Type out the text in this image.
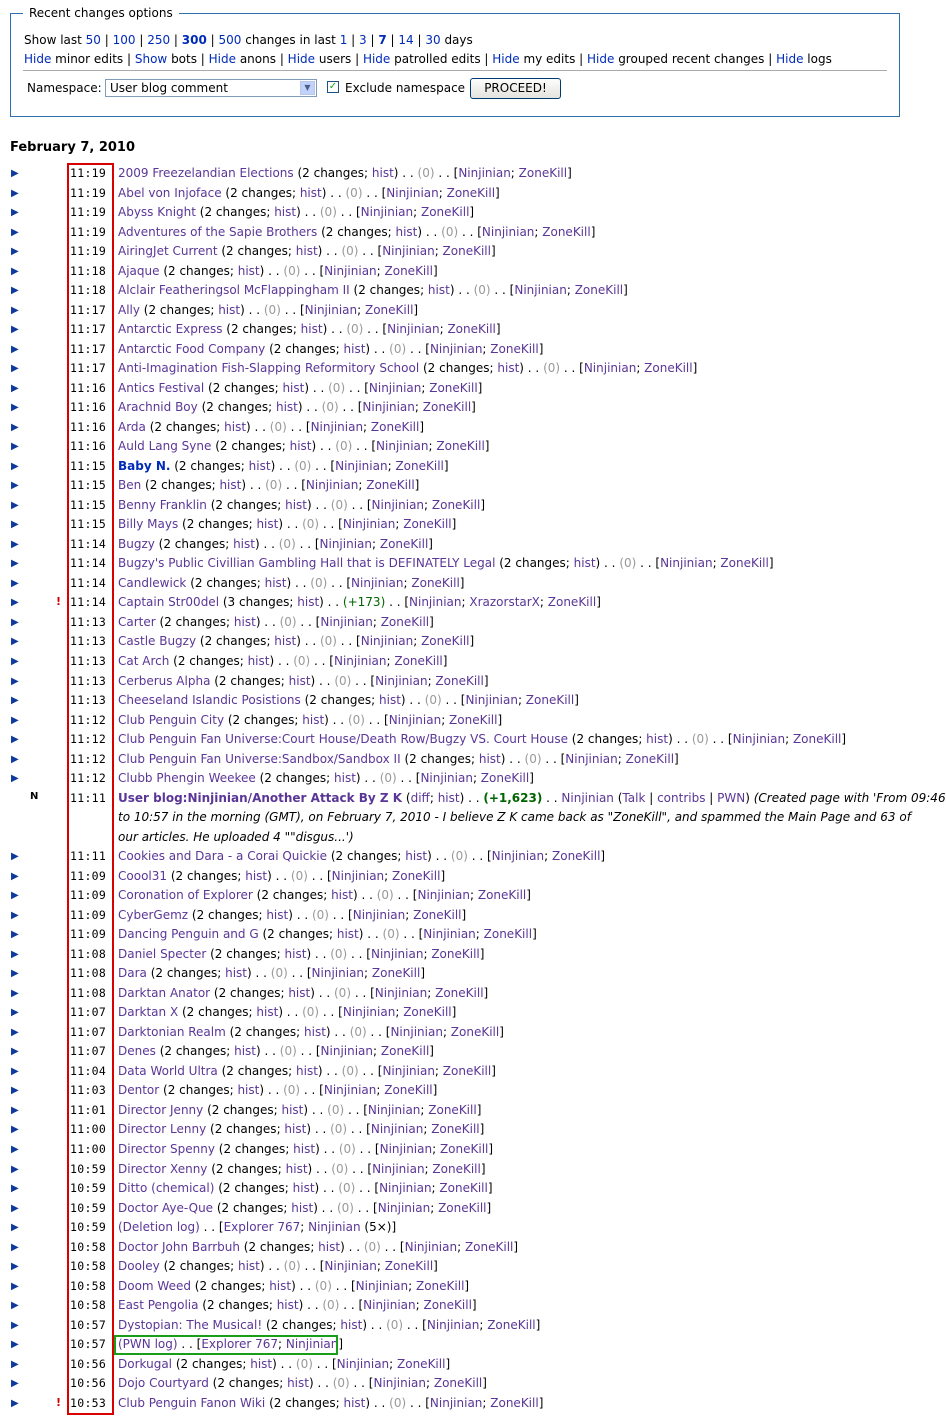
Recent changes options
Show last 50 | 100 | 250 | 300 | 500 changes in last 1 | 3 | 7 | 14 | 30 days
Hide minor edits | Show bots | Hide anons | Hide users | Hide patrolled edits | Hide my edits | Hide grouped recent changes | Hide logs
Namespace: User blog comment	▼	✓ Exclude namespace	PROCEED!
February 7, 2010
▶	11:19 2009 Freezelandian Elections (2 changes; hist) . . (0) . . [Ninjinian; ZoneKill]
▶	11:19 Abel von Injoface (2 changes; hist) . . (0) . . [Ninjinian; ZoneKill]
▶	11:19 Abyss Knight (2 changes; hist) . . (0) . . [Ninjinian; ZoneKill]
▶	11:19 Adventures of the Sapie Brothers (2 changes; hist) . . (0) . . [Ninjinian; ZoneKill]
▶	11:19 AiringJet Current (2 changes; hist) . . (0) . . [Ninjinian; ZoneKill]
▶	11:18 Ajaque (2 changes; hist) . . (0) . . [Ninjinian; ZoneKill]
▶	11:18 Alclair Featheringsol McFlappingham II (2 changes; hist) . . (0) . . [Ninjinian; ZoneKill]
▶	11:17 Ally (2 changes; hist) . . (0) . . [Ninjinian; ZoneKill]
▶	11:17 Antarctic Express (2 changes; hist) . . (0) . . [Ninjinian; ZoneKill]
▶	11:17 Antarctic Food Company (2 changes; hist) . . (0) . . [Ninjinian; ZoneKill]
▶	11:17 Anti-Imagination Fish-Slapping Reformitory School (2 changes; hist) . . (0) . . [Ninjinian; ZoneKill]
▶	11:16 Antics Festival (2 changes; hist) . . (0) . . [Ninjinian; ZoneKill]
▶	11:16 Arachnid Boy (2 changes; hist) . . (0) . . [Ninjinian; ZoneKill]
▶	11:16 Arda (2 changes; hist) . . (0) . . [Ninjinian; ZoneKill]
▶	11:16 Auld Lang Syne (2 changes; hist) . . (0) . . [Ninjinian; ZoneKill]
▶	11:15 Baby N. (2 changes; hist) . . (0) . . [Ninjinian; ZoneKill]
▶	11:15 Ben (2 changes; hist) . . (0) . . [Ninjinian; ZoneKill]
▶	11:15 Benny Franklin (2 changes; hist) . . (0) . . [Ninjinian; ZoneKill]
▶	11:15 Billy Mays (2 changes; hist) . . (0) . . [Ninjinian; ZoneKill]
▶	11:14 Bugzy (2 changes; hist) . . (0) . . [Ninjinian; ZoneKill]
▶	11:14 Bugzy's Public Civillian Gambling Hall that is DEFINATELY Legal (2 changes; hist) . . (0) . . [Ninjinian; ZoneKill]
▶	11:14 Candlewick (2 changes; hist) . . (0) . . [Ninjinian; ZoneKill]
▶	! 11:14 Captain Str00del (3 changes; hist) . . (+173) . . [Ninjinian; XrazorstarX; ZoneKill]
▶	11:13 Carter (2 changes; hist) . . (0) . . [Ninjinian; ZoneKill]
▶	11:13 Castle Bugzy (2 changes; hist) . . (0) . . [Ninjinian; ZoneKill]
▶	11:13 Cat Arch (2 changes; hist) . . (0) . . [Ninjinian; ZoneKill]
▶	11:13 Cerberus Alpha (2 changes; hist) . . (0) . . [Ninjinian; ZoneKill]
▶	11:13 Cheeseland Islandic Posistions (2 changes; hist) . . (0) . . [Ninjinian; ZoneKill]
▶	11:12 Club Penguin City (2 changes; hist) . . (0) . . [Ninjinian; ZoneKill]
▶	11:12 Club Penguin Fan Universe:Court House/Death Row/Bugzy VS. Court House (2 changes; hist) . . (0) . . [Ninjinian; ZoneKill]
▶	11:12 Club Penguin Fan Universe:Sandbox/Sandbox II (2 changes; hist) . . (0) . . [Ninjinian; ZoneKill]
▶	11:12 Clubb Phengin Weekee (2 changes; hist) . . (0) . . [Ninjinian; ZoneKill]
N	11:11 User blog:Ninjinian/Another Attack By Z K (diff; hist) . . (+1,623) . . Ninjinian (Talk | contribs | PWN) (Created page with 'From 09:46
to 10:57 in the morning (GMT), on February 7, 2010 - I believe Z K came back as "ZoneKill", and spammed the Main Page and 63 of
our articles. He uploaded 4 ""disgus...')
▶	11:11 Cookies and Dara - a Corai Quickie (2 changes; hist) . . (0) . . [Ninjinian; ZoneKill]
▶	11:09 Coool31 (2 changes; hist) . . (0) . . [Ninjinian; ZoneKill]
▶	11:09 Coronation of Explorer (2 changes; hist) . . (0) . . [Ninjinian; ZoneKill]
▶	11:09 CyberGemz (2 changes; hist) . . (0) . . [Ninjinian; ZoneKill]
▶	11:09 Dancing Penguin and G (2 changes; hist) . . (0) . . [Ninjinian; ZoneKill]
▶	11:08 Daniel Specter (2 changes; hist) . . (0) . . [Ninjinian; ZoneKill]
▶	11:08 Dara (2 changes; hist) . . (0) . . [Ninjinian; ZoneKill]
▶	11:08 Darktan Anator (2 changes; hist) . . (0) . . [Ninjinian; ZoneKill]
▶	11:07 Darktan X (2 changes; hist) . . (0) . . [Ninjinian; ZoneKill]
▶	11:07 Darktonian Realm (2 changes; hist) . . (0) . . [Ninjinian; ZoneKill]
▶	11:07 Denes (2 changes; hist) . . (0) . . [Ninjinian; ZoneKill]
▶	11:04 Data World Ultra (2 changes; hist) . . (0) . . [Ninjinian; ZoneKill]
▶	11:03 Dentor (2 changes; hist) . . (0) . . [Ninjinian; ZoneKill]
▶	11:01 Director Jenny (2 changes; hist) . . (0) . . [Ninjinian; ZoneKill]
▶	11:00 Director Lenny (2 changes; hist) . . (0) . . [Ninjinian; ZoneKill]
▶	11:00 Director Spenny (2 changes; hist) . . (0) . . [Ninjinian; ZoneKill]
▶	10:59 Director Xenny (2 changes; hist) . . (0) . . [Ninjinian; ZoneKill]
▶	10:59 Ditto (chemical) (2 changes; hist) . . (0) . . [Ninjinian; ZoneKill]
▶	10:59 Doctor Aye-Que (2 changes; hist) . . (0) . . [Ninjinian; ZoneKill]
▶	10:59 (Deletion log) . . [Explorer 767; Ninjinian (5×)]
▶	10:58 Doctor John Barrbuh (2 changes; hist) . . (0) . . [Ninjinian; ZoneKill]
▶	10:58 Dooley (2 changes; hist) . . (0) . . [Ninjinian; ZoneKill]
▶	10:58 Doom Weed (2 changes; hist) . . (0) . . [Ninjinian; ZoneKill]
▶	10:58 East Pengolia (2 changes; hist) . . (0) . . [Ninjinian; ZoneKill]
▶	10:57 Dystopian: The Musical! (2 changes; hist) . . (0) . . [Ninjinian; ZoneKill]
▶	10:57 (PWN log) . . [Explorer 767; Ninjinian]
▶	10:56 Dorkugal (2 changes; hist) . . (0) . . [Ninjinian; ZoneKill]
▶	10:56 Dojo Courtyard (2 changes; hist) . . (0) . . [Ninjinian; ZoneKill]
▶	! 10:53 Club Penguin Fanon Wiki (2 changes; hist) . . (0) . . [Ninjinian; ZoneKill]
